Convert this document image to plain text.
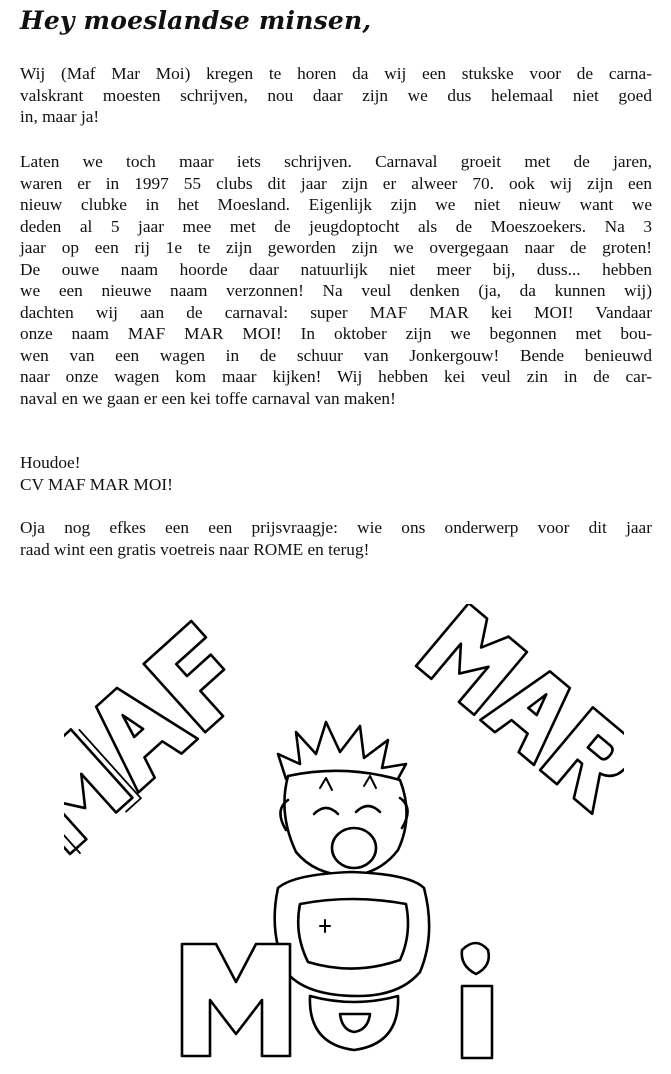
Hey moeslandse minsen,

Wij (Maf Mar Moi) kregen te horen da wij een stukske voor de carna-
valskrant moesten schrijven, nou daar zijn we dus helemaal niet goed
in, maar ja!

Laten we toch maar iets schrijven. Carnaval groeit met de jaren,
waren er in 1997 55 clubs dit jaar zijn er alweer 70. ook wij zijn een
nieuw clubke in het Moesland. Eigenlijk zijn we niet nieuw want we
deden al 5 jaar mee met de jeugdoptocht als de Moeszoekers. Na 3
jaar op een rij 1e te zijn geworden zijn we overgegaan naar de groten!
De ouwe naam hoorde daar natuurlijk niet meer bij, duss... hebben
we een nieuwe naam verzonnen! Na veul denken (ja, da kunnen wij)
dachten wij aan de carnaval: super MAF MAR kei MOI! Vandaar
onze naam MAF MAR MOI! In oktober zijn we begonnen met bou-
wen van een wagen in de schuur van Jonkergouw! Bende benieuwd
naar onze wagen kom maar kijken! Wij hebben kei veul zin in de car-
naval en we gaan er een kei toffe carnaval van maken!

Houdoe!
CV MAF MAR MOI!

Oja nog efkes een een prijsvraagje: wie ons onderwerp voor dit jaar
raad wint een gratis voetreis naar ROME en terug!
